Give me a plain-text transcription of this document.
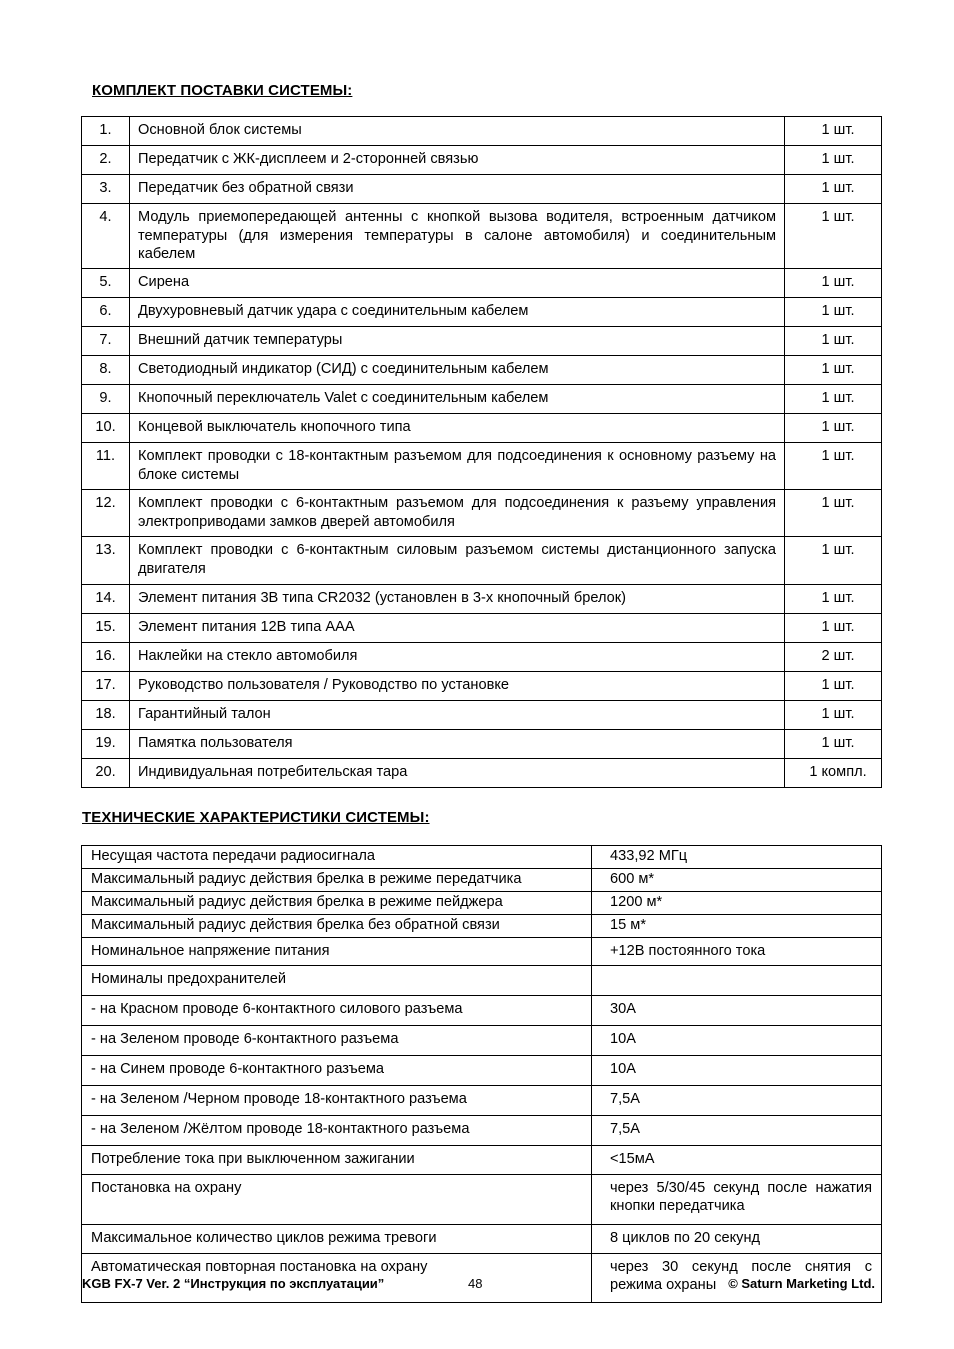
КОМПЛЕКТ ПОСТАВКИ СИСТЕМЫ:
1.	Основной блок системы	1 шт.
2.	Передатчик с ЖК-дисплеем и 2-сторонней связью	1 шт.
3.	Передатчик без обратной связи	1 шт.
4.	Модуль приемопередающей антенны с кнопкой вызова водителя, встроенным датчиком температуры (для измерения температуры в салоне автомобиля) и соединительным кабелем	1 шт.
5.	Сирена	1 шт.
6.	Двухуровневый датчик удара с соединительным кабелем	1 шт.
7.	Внешний датчик температуры	1 шт.
8.	Светодиодный индикатор (СИД) с соединительным кабелем	1 шт.
9.	Кнопочный переключатель Valet с соединительным кабелем	1 шт.
10.	Концевой выключатель кнопочного типа	1 шт.
11.	Комплект проводки с 18-контактным разъемом для подсоединения к основному разъему на блоке системы	1 шт.
12.	Комплект проводки с 6-контактным разъемом для подсоединения к разъему управления электроприводами замков дверей автомобиля	1 шт.
13.	Комплект проводки с 6-контактным силовым разъемом системы дистанционного запуска двигателя	1 шт.
14.	Элемент питания 3В типа CR2032 (установлен в 3-х кнопочный брелок)	1 шт.
15.	Элемент питания 12В типа ААА	1 шт.
16.	Наклейки на стекло автомобиля	2 шт.
17.	Руководство пользователя / Руководство по установке	1 шт.
18.	Гарантийный талон	1 шт.
19.	Памятка пользователя	1 шт.
20.	Индивидуальная потребительская тара	1 компл.
ТЕХНИЧЕСКИЕ ХАРАКТЕРИСТИКИ СИСТЕМЫ:
Несущая частота передачи радиосигнала	433,92 МГц
Максимальный радиус действия брелка в режиме передатчика	600 м*
Максимальный радиус действия брелка в режиме пейджера	1200 м*
Максимальный радиус действия брелка без обратной связи	15 м*
Номинальное напряжение питания	+12В постоянного тока
Номиналы предохранителей	
- на Красном проводе 6-контактного силового разъема	30А
- на Зеленом проводе 6-контактного разъема	10А
- на Синем проводе 6-контактного разъема	10А
- на Зеленом /Черном проводе 18-контактного разъема	7,5А
- на Зеленом /Жёлтом проводе 18-контактного разъема	7,5А
Потребление тока при выключенном зажигании	<15мА
Постановка на охрану	через 5/30/45 секунд после нажатия кнопки передатчика
Максимальное количество циклов режима тревоги	8 циклов по 20 секунд
Автоматическая повторная постановка на охрану	через 30 секунд после снятия с режима охраны
KGB FX-7 Ver. 2 “Инструкция по эксплуатации”	48	© Saturn Marketing Ltd.
